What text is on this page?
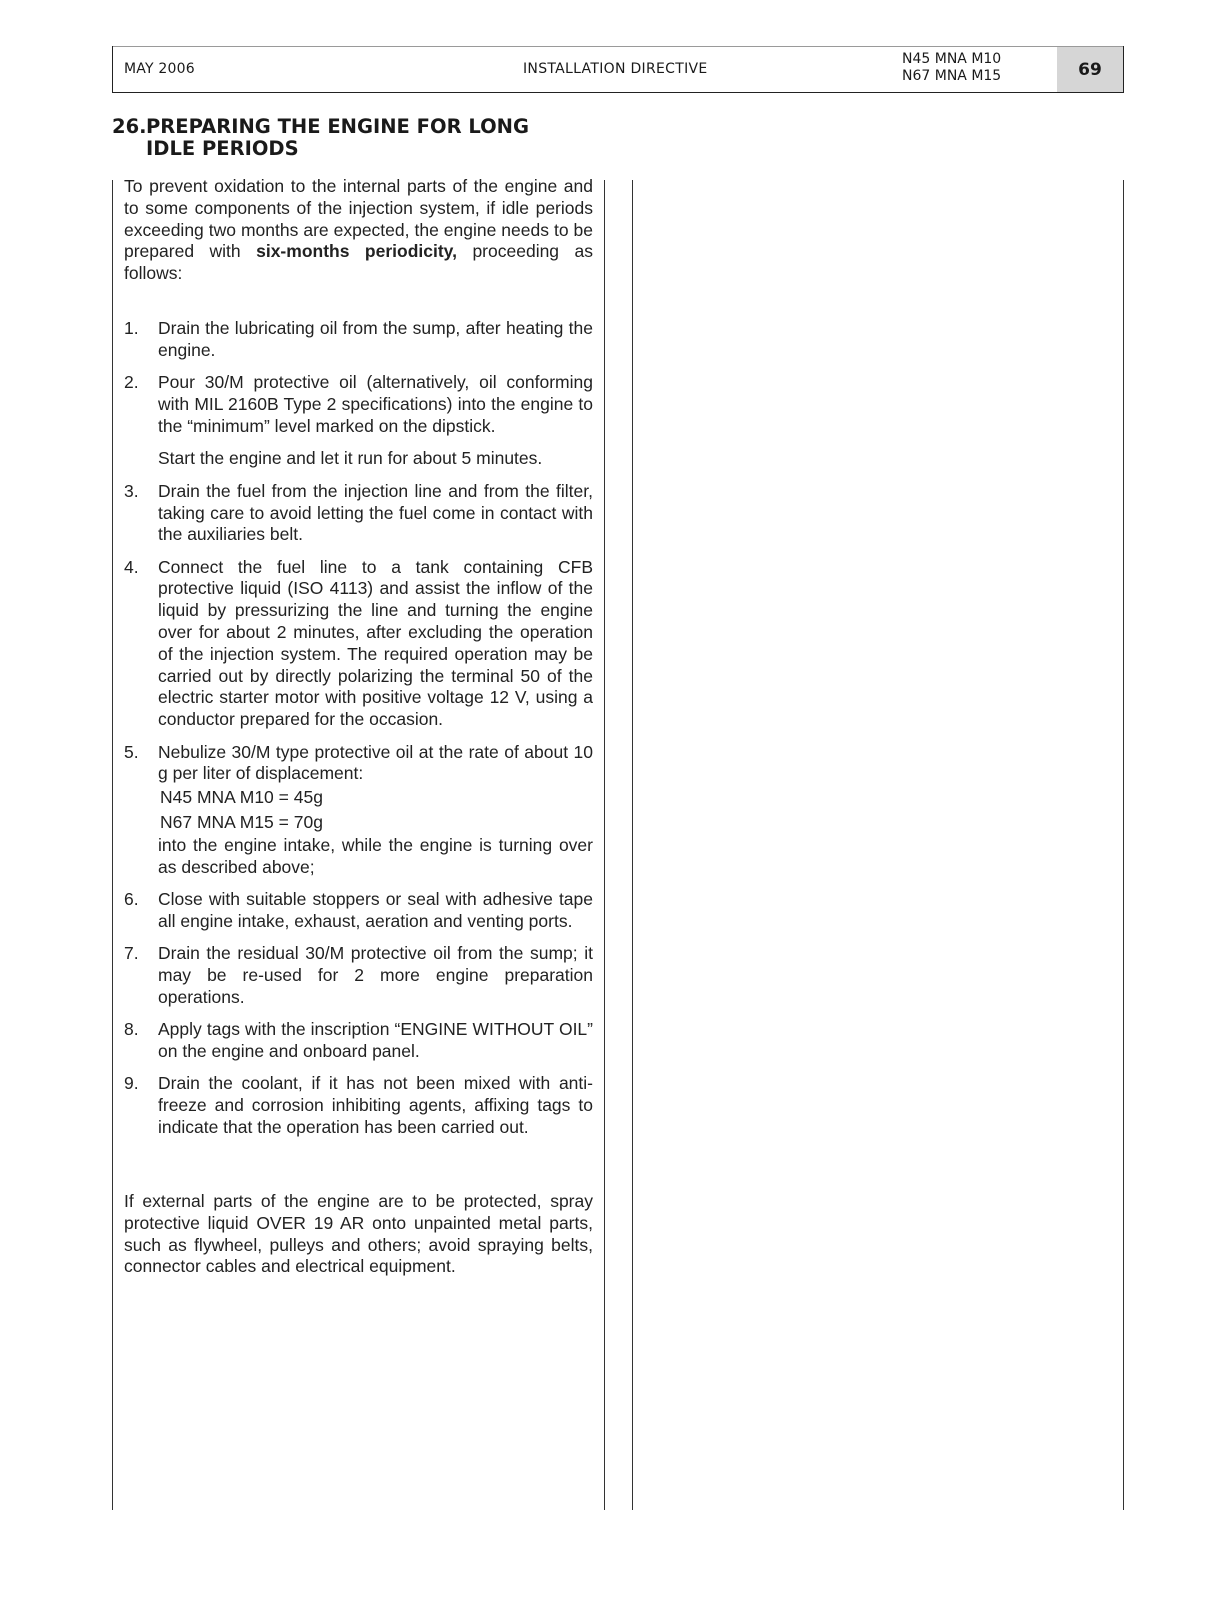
MAY 2006	INSTALLATION DIRECTIVE
N45 MNA M10
N67 MNA M15	69
26.PREPARING THE ENGINE FOR LONG
IDLE PERIODS
To prevent oxidation to the internal parts of the engine and to some components of the injection system, if idle periods exceeding two months are expected, the engine needs to be prepared with six-months periodicity, proceeding as follows:
1. Drain the lubricating oil from the sump, after heating the engine.

2. Pour 30/M protective oil (alternatively, oil conforming with MIL 2160B Type 2 specifications) into the engine to the “minimum” level marked on the dipstick.

Start the engine and let it run for about 5 minutes.

3. Drain the fuel from the injection line and from the filter, taking care to avoid letting the fuel come in contact with the auxiliaries belt.

4. Connect the fuel line to a tank containing CFB protective liquid (ISO 4113) and assist the inflow of the liquid by pressurizing the line and turning the engine over for about 2 minutes, after excluding the operation of the injection system. The required operation may be carried out by directly polarizing the terminal 50 of the electric starter motor with positive voltage 12 V, using a conductor prepared for the occasion.

5. Nebulize 30/M type protective oil at the rate of about 10 g per liter of displacement:

N45 MNA M10 = 45g

N67 MNA M15 = 70g

into the engine intake, while the engine is turning over as described above;

6. Close with suitable stoppers or seal with adhesive tape all engine intake, exhaust, aeration and venting ports.

7. Drain the residual 30/M protective oil from the sump; it may be re-used for 2 more engine preparation operations.

8. Apply tags with the inscription “ENGINE WITHOUT OIL” on the engine and onboard panel.

9. Drain the coolant, if it has not been mixed with anti-freeze and corrosion inhibiting agents, affixing tags to indicate that the operation has been carried out.

If external parts of the engine are to be protected, spray protective liquid OVER 19 AR onto unpainted metal parts, such as flywheel, pulleys and others; avoid spraying belts, connector cables and electrical equipment.
